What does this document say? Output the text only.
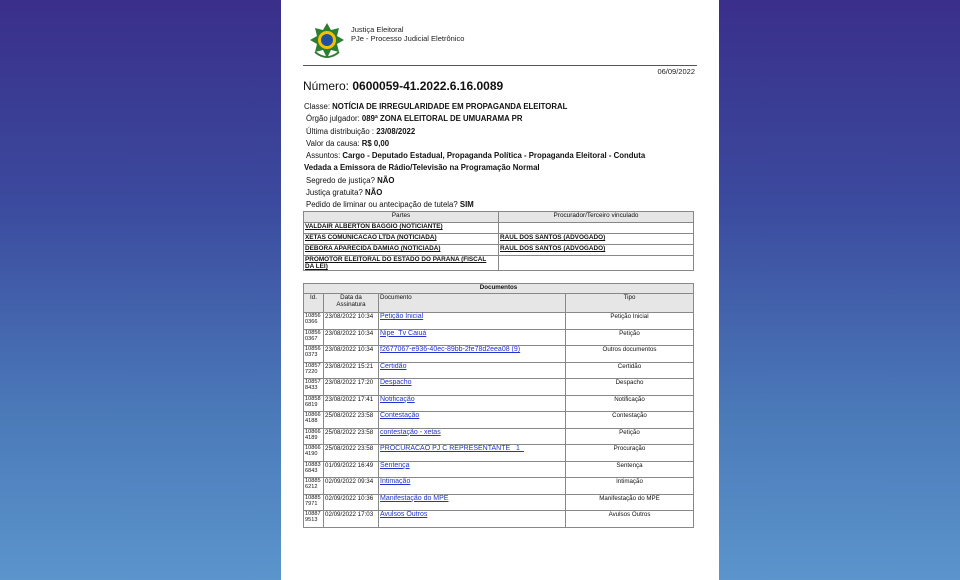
Justiça Eleitoral
PJe - Processo Judicial Eletrônico
06/09/2022
Número: 0600059-41.2022.6.16.0089
Classe: NOTÍCIA DE IRREGULARIDADE EM PROPAGANDA ELEITORAL
Órgão julgador: 089ª ZONA ELEITORAL DE UMUARAMA PR
Última distribuição : 23/08/2022
Valor da causa: R$ 0,00
Assuntos: Cargo - Deputado Estadual, Propaganda Política - Propaganda Eleitoral - Conduta
Vedada a Emissora de Rádio/Televisão na Programação Normal
Segredo de justiça? NÃO
Justiça gratuita? NÃO
Pedido de liminar ou antecipação de tutela? SIM
Partes	Procurador/Terceiro vinculado
VALDAIR ALBERTON BAGGIO (NOTICIANTE)	
XETAS COMUNICACAO LTDA (NOTICIADA)	RAUL DOS SANTOS (ADVOGADO)
DEBORA APARECIDA DAMIAO (NOTICIADA)	RAUL DOS SANTOS (ADVOGADO)
PROMOTOR ELEITORAL DO ESTADO DO PARANA (FISCAL DA LEI)	
Documentos			
Id.	Data da Assinatura	Documento	Tipo
10856 0366	23/08/2022 10:34	Petição Inicial	Petição Inicial
10856 0367	23/08/2022 10:34	Nipe_Tv Caiuá	Petição
10856 0373	23/08/2022 10:34	f2677067-e936-40ec-89bb-2fe78d2eea08 (9)	Outros documentos
10857 7220	23/08/2022 15:21	Certidão	Certidão
10857 8433	23/08/2022 17:20	Despacho	Despacho
10858 6819	23/08/2022 17:41	Notificação	Notificação
10866 4188	25/08/2022 23:58	Contestação	Contestação
10866 4189	25/08/2022 23:58	contestação - xetas	Petição
10866 4190	25/08/2022 23:58	PROCURACAO PJ C REPRESENTANTE _1_	Procuração
10883 6843	01/09/2022 16:49	Sentença	Sentença
10885 6212	02/09/2022 09:34	Intimação	Intimação
10885 7971	02/09/2022 10:36	Manifestação do MPE	Manifestação do MPE
10887 9513	02/09/2022 17:03	Avulsos Outros	Avulsos Outros
